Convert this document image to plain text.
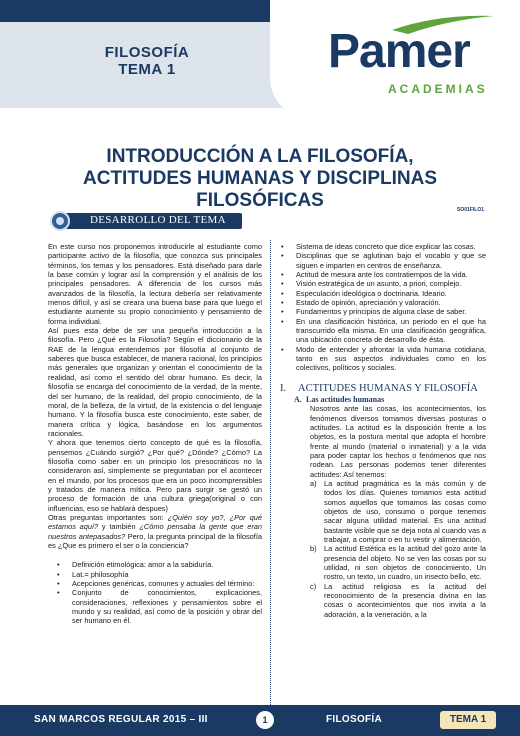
FILOSOFÍA
TEMA 1	Pamer
ACADEMIAS
INTRODUCCIÓN A LA FILOSOFÍA,
ACTITUDES HUMANAS Y DISCIPLINAS
FILOSÓFICAS	SO01FILO1
DESARROLLO DEL TEMA

En este curso nos proponemos introducirle al estudiante como participante activo de la filosofía, que conozca sus principales términos, los temas y los pensadores. Está diseñado para darle la base común y lograr así la comprensión y el análisis de los principales pensadores. A diferencia de los cursos más avanzados de la filosofía, la lectura debería ser relativamente menos difícil, y así se creara una buena base para que luego el estudiante aumente su propio conocimiento y pensamiento de forma individual.

Así pues esta debe de ser una pequeña introducción a la filosofía. Pero ¿Qué es la Filosofía? Según el diccionario de la RAE de la lengua entendemos por filosofía al conjunto de saberes que busca establecer, de manera racional, los principios más generales que organizan y orientan el conocimiento de la realidad, así como el sentido del obrar humano. Es decir, la filosofía se encarga del conocimiento de la verdad, de la mente, del ser humano, de la realidad, del propio conocimiento, de la moral, de la belleza, de la virtud, de la existencia o del lenguaje humano. Y la filosofía busca este conocimiento, este saber, de manera crítica y lógica, basándose en los argumentos racionales.

Y ahora que tenemos cierto concepto de qué es la filosofía, pensemos ¿Cuándo surgió? ¿Por qué? ¿Dónde? ¿Cómo? La filosofía como saber en un principio los presocráticos no la consideraron así, simplemente se preguntaban por el acontecer en el mundo, por los procesos que era un poco incomprensibles y tratados de manera mítica. Pero para surgir se gestó un proceso de formación de una cultura griega(original o con influencias, eso se hablará despues)

Otras preguntas importantes son: ¿Quién soy yo?, ¿Por qué estamos aquí? y también ¿Cómo pensaba la gente que eran nuestros antepasados? Pero, la pregunta principal de la filosofía es ¿Que es primero el ser o la conciencia?

• Definición etimológica: amor a la sabiduría.
• Lat.= philosophía
• Acepciones genéricas, comunes y actuales del término:
• Conjunto de conocimientos, explicaciones, consideraciones, reflexiones y pensamientos sobre el mundo y su realidad, así como de la posición y obrar del ser humano en él.
• Sistema de ideas concreto que dice explicar las cosas.
• Disciplinas que se aglutinan bajo el vocablo y que se siguen e imparten en centros de enseñanza.
• Actitud de mesura ante los contratiempos de la vida.
• Visión estratégica de un asunto, a priori, complejo.
• Especulación ideológica o doctrinaria. Ideario.
• Estado de opinión, apreciación y valoración.
• Fundamentos y principios de alguna clase de saber.
• En una clasificación histórica, un periodo en el que ha transcurrido ella misma. En una clasificación geográfica, una ubicación concreta de desarrollo de ésta.
• Modo de entender y afrontar la vida humana cotidiana, tanto en sus aspectos individuales como en los colectivos, políticos y sociales.
I.	ACTITUDES HUMANAS Y FILOSOFÍA
A. Las actitudes humanas

Nosotros ante las cosas, los acontecimientos, los fenómenos diversos tomamos diversas posturas o actitudes. La actitud es la disposición frente a los objetos, es la postura mental que adopta el hombre frente al mundo (material o inmaterial) y a la vida para poder captar los hechos o fenómenos que nos rodean. Las personas podemos tener diferentes actitudes: Así tenemos:

a) La actitud pragmática es la más común y de todos los días. Quienes tomamos esta actitud somos aquellos que tomamos las cosas como objetos de uso, consumo o porque tenemos sacar alguna utilidad material. Es una actitud bastante visible que se deja nota al cuando vas a trabajar, a comprar o en tu vestir y alimentación.
b) La actitud Estética es la actitud del gozo ante la presencia del objeto. No se ven las cosas por su utilidad, ni son objetos de conocimiento. Un rostro, un texto, un cuadro, un insecto bello, etc.
c) La actitud religiosa es la actitud del reconocimiento de la presencia divina en las cosas o acontecimientos que nos invita a la adoración, a la veneración, a la
SAN MARCOS REGULAR 2015 – III	1	FILOSOFÍA	TEMA 1
